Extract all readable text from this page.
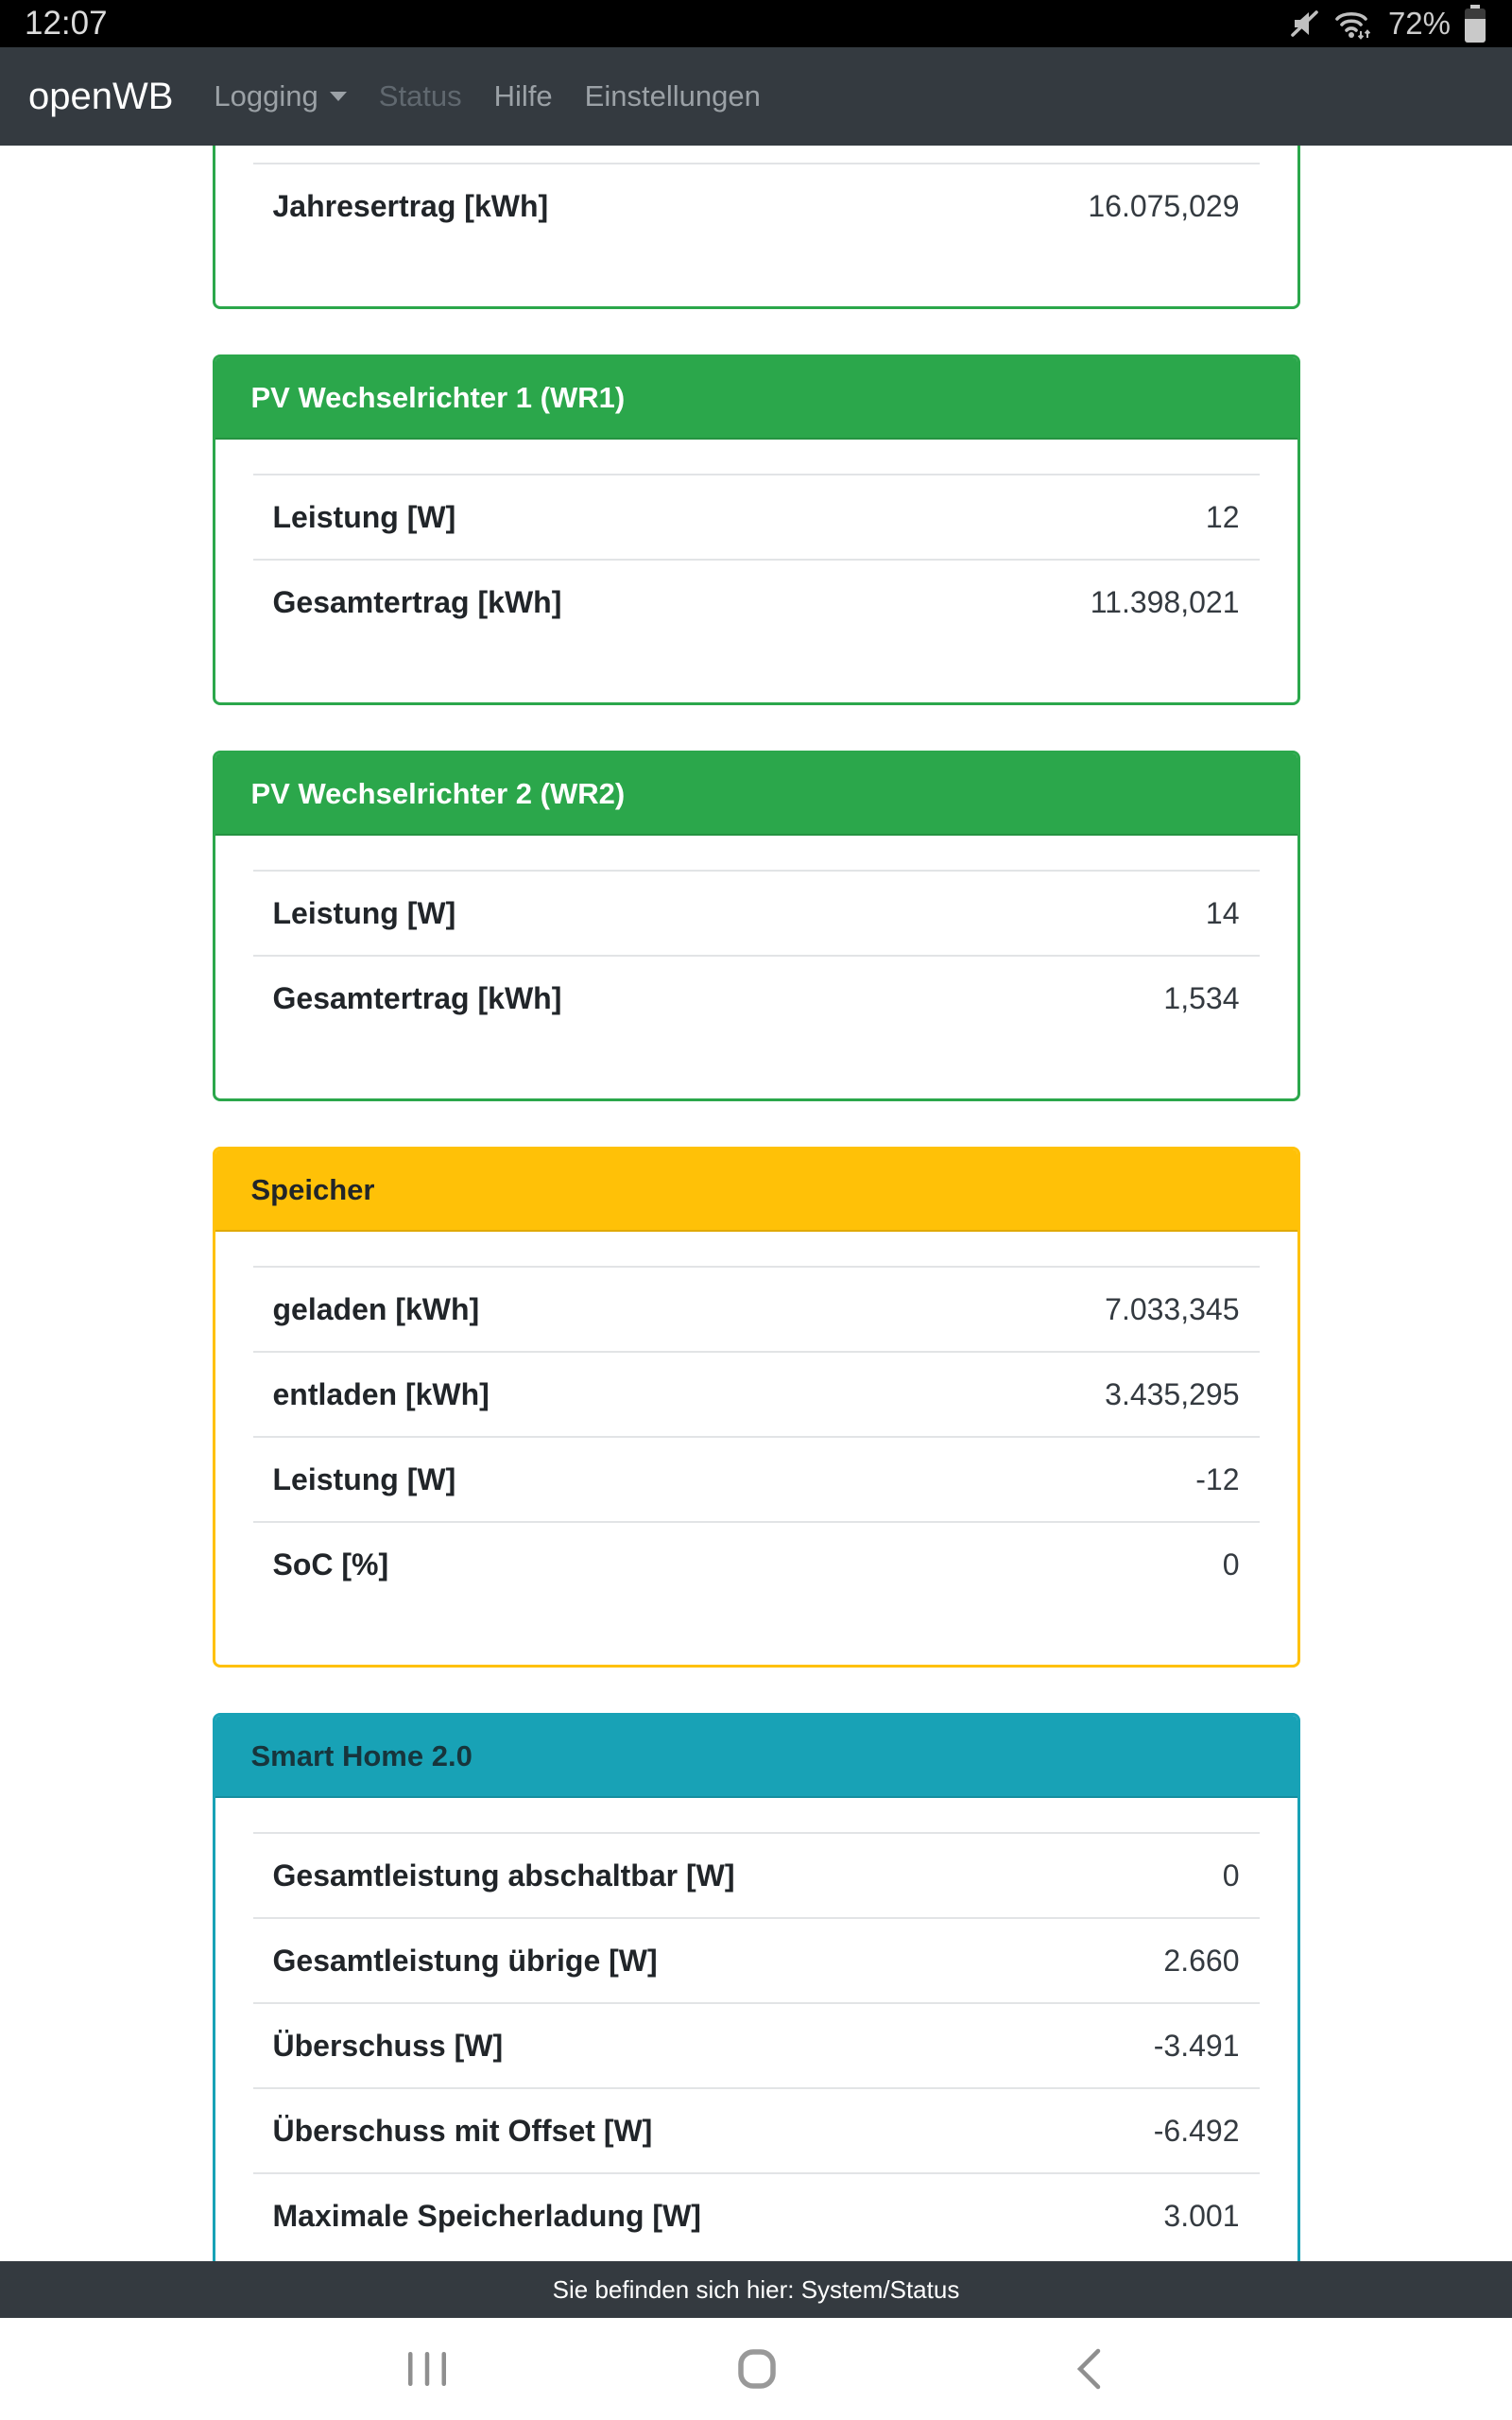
12:07	72%
openWB Logging	Status	Hilfe	Einstellungen
Jahresertrag [kWh]	16.075,029
PV Wechselrichter 1 (WR1)
Leistung [W]	12
Gesamtertrag [kWh]	11.398,021
PV Wechselrichter 2 (WR2)
Leistung [W]	14
Gesamtertrag [kWh]	1,534
Speicher
geladen [kWh]	7.033,345
entladen [kWh]	3.435,295
Leistung [W]	-12
SoC [%]	0
Smart Home 2.0
Gesamtleistung abschaltbar [W]	0
Gesamtleistung übrige [W]	2.660
Überschuss [W]	-3.491
Überschuss mit Offset [W]	-6.492
Maximale Speicherladung [W]	3.001
Sie befinden sich hier: System/Status
